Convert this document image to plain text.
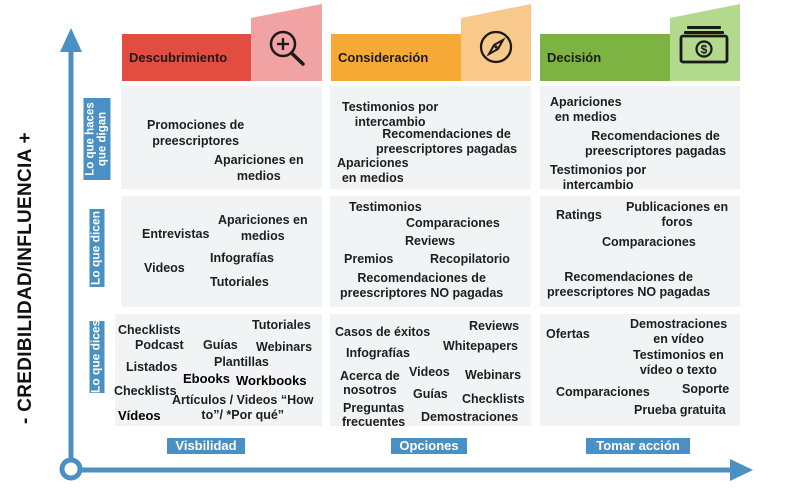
- CREDIBILIDAD/INFLUENCIA +	Lo que haces que digan
Lo que dicen
Lo que dices
Descubrimiento	Consideración	Decisión
$
Promociones de
preescriptores
Apariciones en
medios
Entrevistas
Apariciones en
medios
Infografías
Videos
Tutoriales
Checklists	Tutoriales
Podcast Guías Webinars
Listados	Plantillas
Ebooks Workbooks
Checklists
Artículos / Videos “How
to”/ *Por qué”
Vídeos
Testimonios por
intercambio
Recomendaciones de
preescriptores pagadas
Apariciones
en medios
Testimonios
Comparaciones
Reviews
Premios	Recopilatorio
Recomendaciones de
preescriptores NO pagadas
Casos de éxitos	Reviews
Infografías	Whitepapers
Acerca de
nosotros
Videos Webinars
Guías Checklists
Preguntas
frecuentes Demostraciones
Apariciones
en medios
Recomendaciones de
preescriptores pagadas
Testimonios por
intercambio
Ratings
Publicaciones en
foros
Comparaciones
Recomendaciones de
preescriptores NO pagadas
Ofertas
Demostraciones
en vídeo
Testimonios en
vídeo o texto
Comparaciones	Soporte
Prueba gratuita
Visbilidad	Opciones	Tomar acción
